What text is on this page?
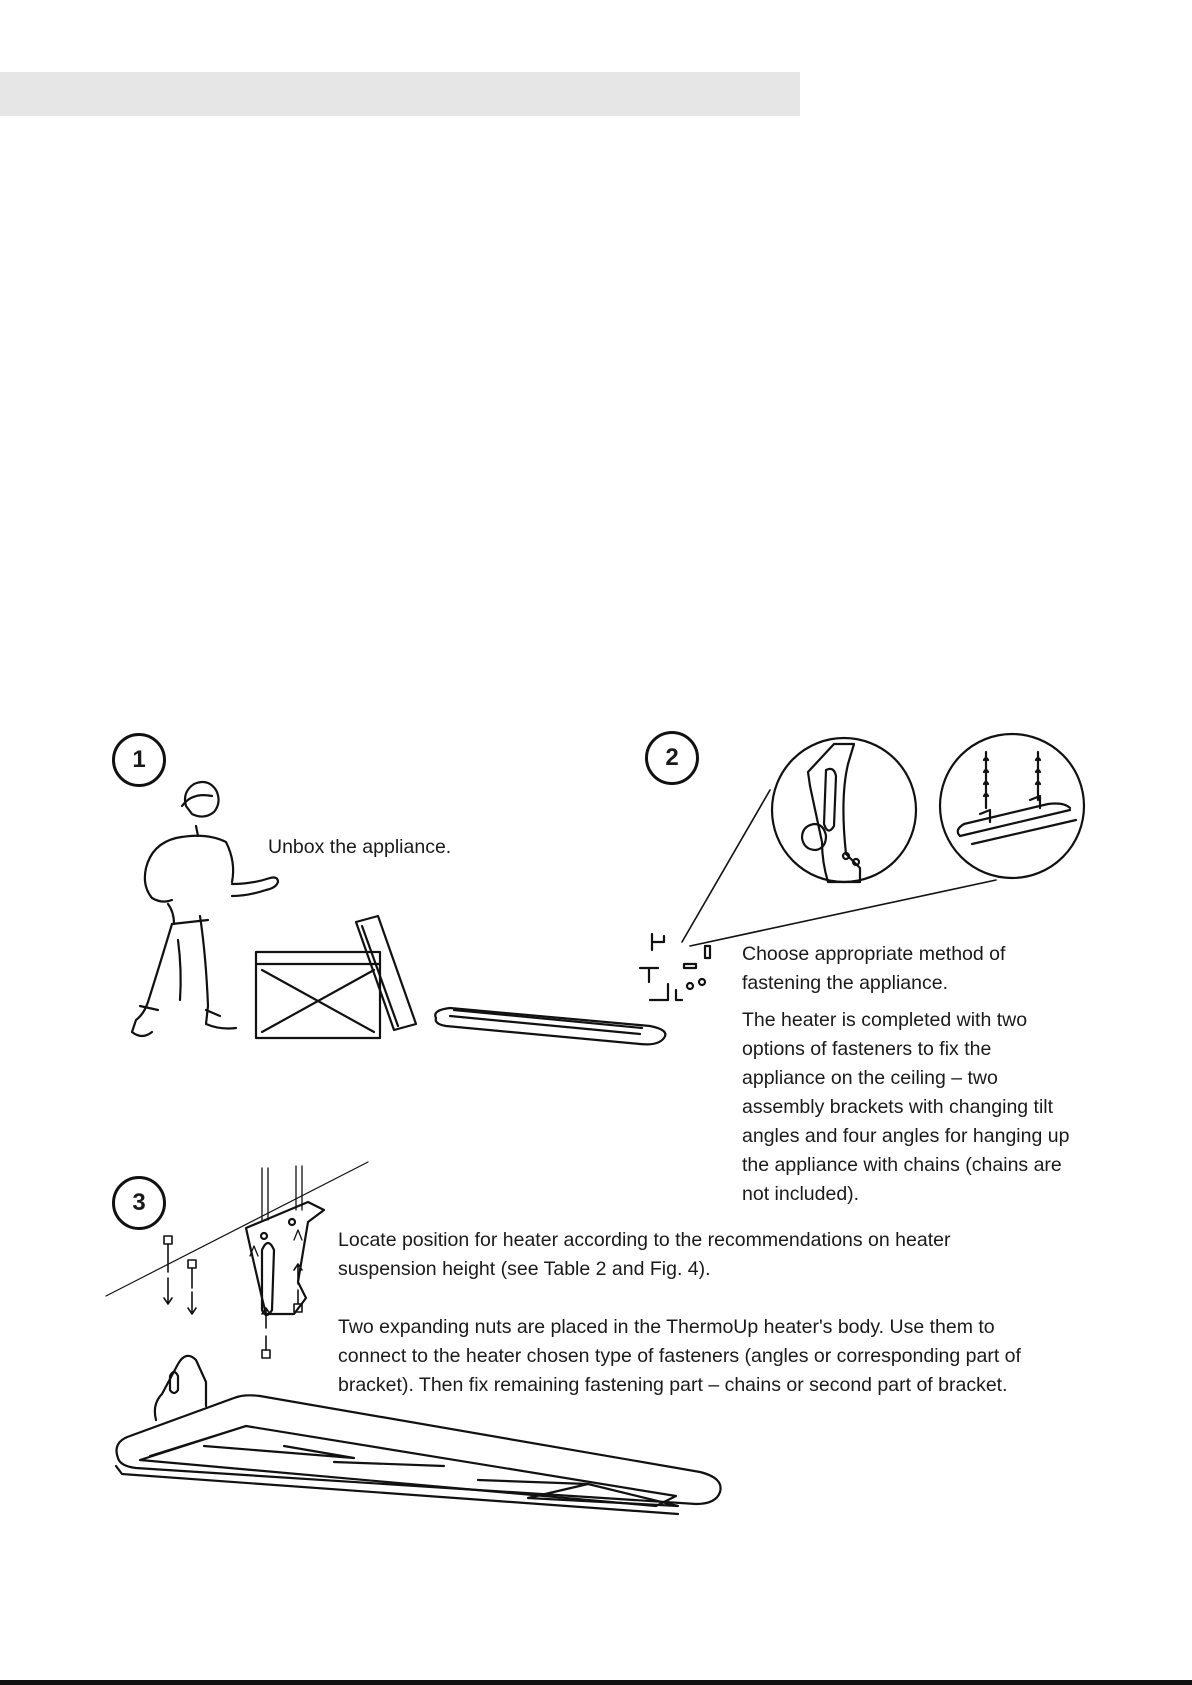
1	2
3
Unbox the appliance.

Choose appropriate method of fastening the appliance.

The heater is completed with two options of fasteners to fix the appliance on the ceiling – two assembly brackets with changing tilt angles and four angles for hanging up the appliance with chains (chains are not included).

Locate position for heater according to the recommendations on heater suspension height (see Table 2 and Fig. 4).

Two expanding nuts are placed in the ThermoUp heater's body. Use them to connect to the heater chosen type of fasteners (angles or corresponding part of bracket). Then fix remaining fastening part – chains or second part of bracket.
